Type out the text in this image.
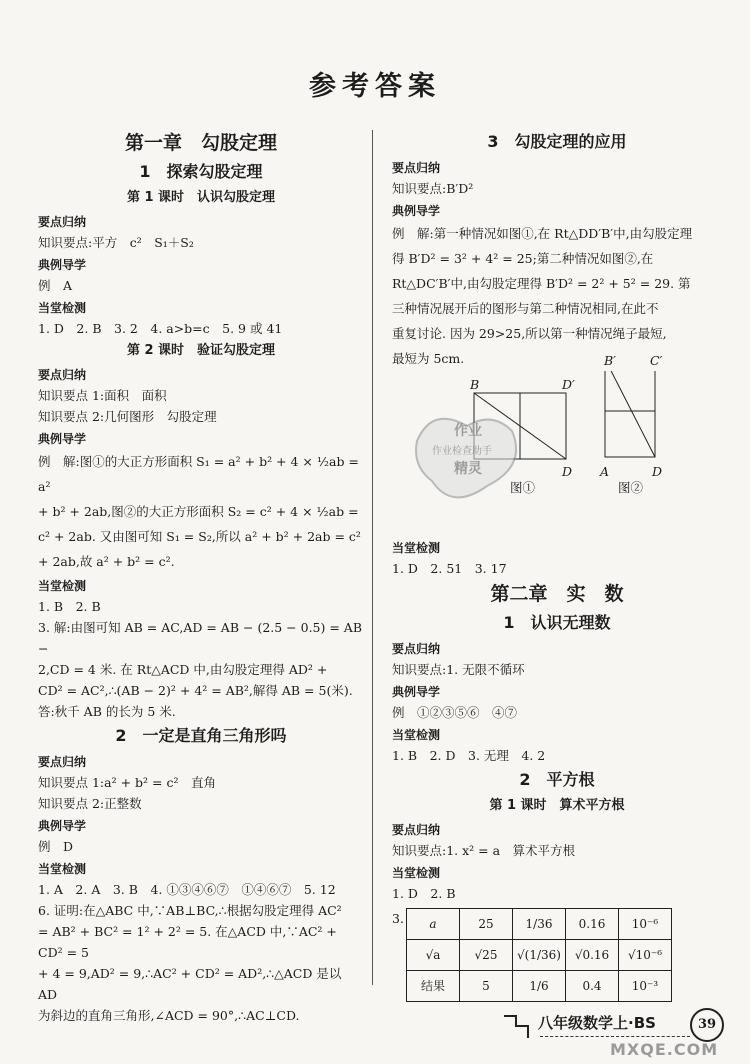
参考答案
第一章　勾股定理
1　探索勾股定理
第 1 课时　认识勾股定理
要点归纳
知识要点:平方　c²　S₁＋S₂
典例导学
例　A
当堂检测
1. D　2. B　3. 2　4. a>b=c　5. 9 或 41
第 2 课时　验证勾股定理
要点归纳
知识要点 1:面积　面积
知识要点 2:几何图形　勾股定理
典例导学
例　解:图①的大正方形面积 S₁ = a² + b² + 4 × ½ab = a²
+ b² + 2ab,图②的大正方形面积 S₂ = c² + 4 × ½ab =
c² + 2ab. 又由图可知 S₁ = S₂,所以 a² + b² + 2ab = c²
+ 2ab,故 a² + b² = c².
当堂检测
1. B　2. B
3. 解:由图可知 AB = AC,AD = AB − (2.5 − 0.5) = AB −
2,CD = 4 米. 在 Rt△ACD 中,由勾股定理得 AD² +
CD² = AC²,∴(AB − 2)² + 4² = AB²,解得 AB = 5(米).
答:秋千 AB 的长为 5 米.
2　一定是直角三角形吗
要点归纳
知识要点 1:a² + b² = c²　直角
知识要点 2:正整数
典例导学
例　D
当堂检测
1. A　2. A　3. B　4. ①③④⑥⑦　①④⑥⑦　5. 12
6. 证明:在△ABC 中,∵AB⊥BC,∴根据勾股定理得 AC²
= AB² + BC² = 1² + 2² = 5. 在△ACD 中,∵AC² + CD² = 5
+ 4 = 9,AD² = 9,∴AC² + CD² = AD²,∴△ACD 是以 AD
为斜边的直角三角形,∠ACD = 90°,∴AC⊥CD.
3　勾股定理的应用
要点归纳
知识要点:B′D²
典例导学
例　解:第一种情况如图①,在 Rt△DD′B′中,由勾股定理
得 B′D² = 3² + 4² = 25;第二种情况如图②,在
Rt△DC′B′中,由勾股定理得 B′D² = 2² + 5² = 29. 第
三种情况展开后的图形与第二种情况相同,在此不
重复讨论. 因为 29>25,所以第一种情况绳子最短,
最短为 5cm.
B	D′
D
图①
A	D
图②
作业
作业检查助手
精灵
B′	C′
当堂检测
1. D　2. 51　3. 17
第二章　实　数
1　认识无理数
要点归纳
知识要点:1. 无限不循环
典例导学
例　①②③⑤⑥　④⑦
当堂检测
1. B　2. D　3. 无理　4. 2
2　平方根
第 1 课时　算术平方根
要点归纳
知识要点:1. x² = a　算术平方根
当堂检测
1. D　2. B
3. a	25	1/36	0.16	10⁻⁶
√a	√25	√(1/36)	√0.16	√10⁻⁶
结果	5	1/6	0.4	10⁻³
八年级数学上·BS	39
MXQE.COM
